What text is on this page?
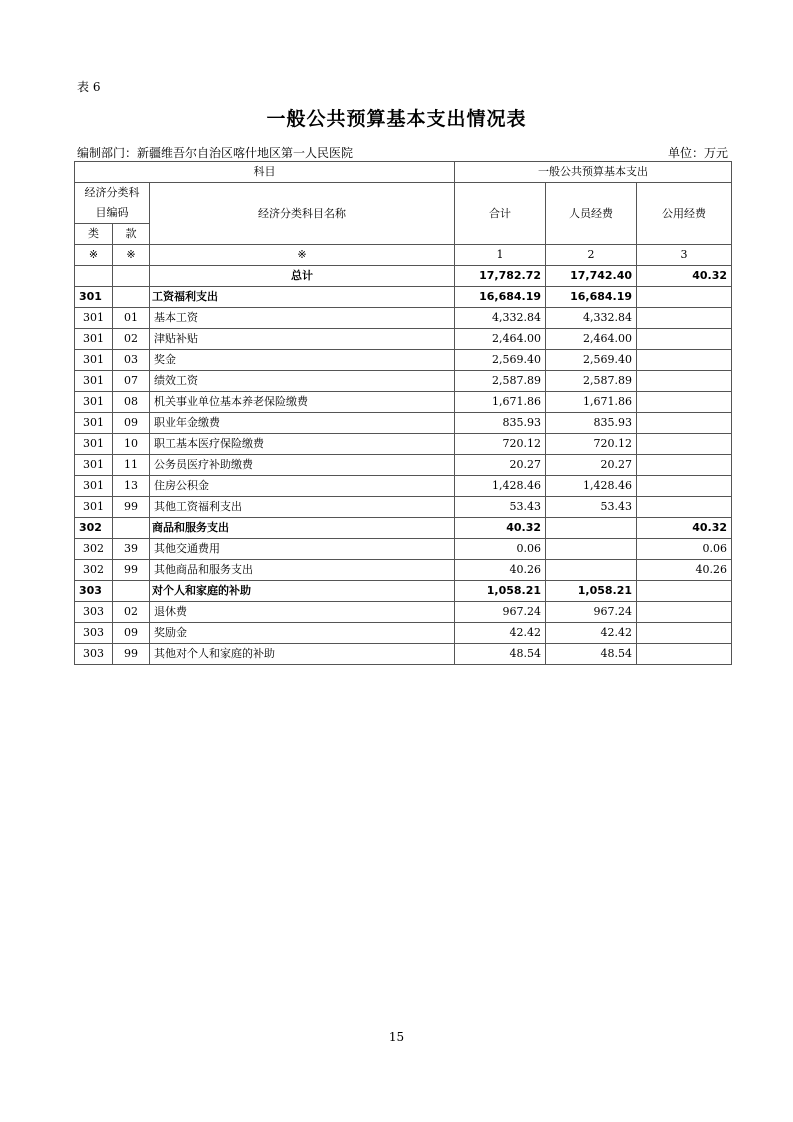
表 6
一般公共预算基本支出情况表
编制部门：新疆维吾尔自治区喀什地区第一人民医院	单位：万元
科目			一般公共预算基本支出		

经济分类科
目编码		经济分类科目名称	合计	人员经费	公用经费
类	款				
※	※	※	1	2	3
		总计	17,782.72	17,742.40	40.32
301		工资福利支出	16,684.19	16,684.19	
301	01	基本工资	4,332.84	4,332.84	
301	02	津贴补贴	2,464.00	2,464.00	
301	03	奖金	2,569.40	2,569.40	
301	07	绩效工资	2,587.89	2,587.89	
301	08	机关事业单位基本养老保险缴费	1,671.86	1,671.86	
301	09	职业年金缴费	835.93	835.93	
301	10	职工基本医疗保险缴费	720.12	720.12	
301	11	公务员医疗补助缴费	20.27	20.27	
301	13	住房公积金	1,428.46	1,428.46	
301	99	其他工资福利支出	53.43	53.43	
302		商品和服务支出	40.32		40.32
302	39	其他交通费用	0.06		0.06
302	99	其他商品和服务支出	40.26		40.26
303		对个人和家庭的补助	1,058.21	1,058.21	
303	02	退休费	967.24	967.24	
303	09	奖励金	42.42	42.42	
303	99	其他对个人和家庭的补助	48.54	48.54	
15
